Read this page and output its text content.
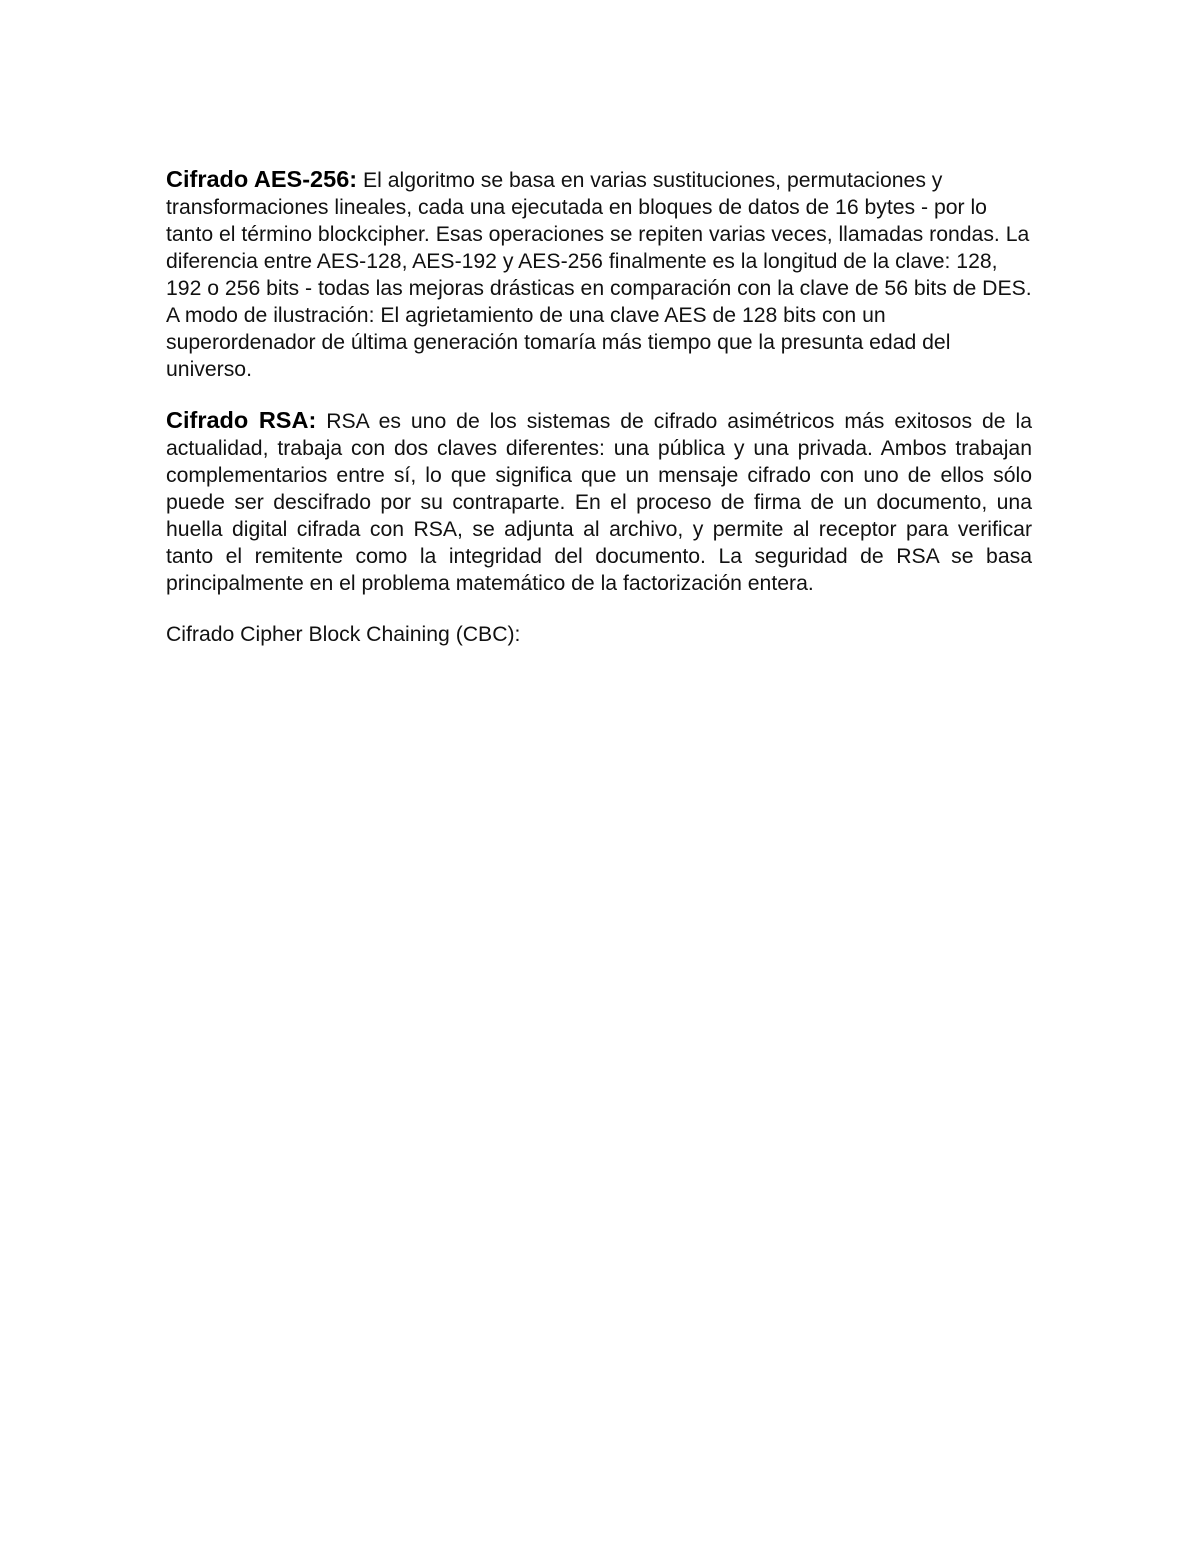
Cifrado AES-256: El algoritmo se basa en varias sustituciones, permutaciones y transformaciones lineales, cada una ejecutada en bloques de datos de 16 bytes - por lo tanto el término blockcipher. Esas operaciones se repiten varias veces, llamadas rondas. La diferencia entre AES-128, AES-192 y AES-256 finalmente es la longitud de la clave: 128, 192 o 256 bits - todas las mejoras drásticas en comparación con la clave de 56 bits de DES. A modo de ilustración: El agrietamiento de una clave AES de 128 bits con un superordenador de última generación tomaría más tiempo que la presunta edad del universo.

Cifrado RSA: RSA es uno de los sistemas de cifrado asimétricos más exitosos de la actualidad, trabaja con dos claves diferentes: una pública y una privada. Ambos trabajan complementarios entre sí, lo que significa que un mensaje cifrado con uno de ellos sólo puede ser descifrado por su contraparte. En el proceso de firma de un documento, una huella digital cifrada con RSA, se adjunta al archivo, y permite al receptor para verificar tanto el remitente como la integridad del documento. La seguridad de RSA se basa principalmente en el problema matemático de la factorización entera.

Cifrado Cipher Block Chaining (CBC):
